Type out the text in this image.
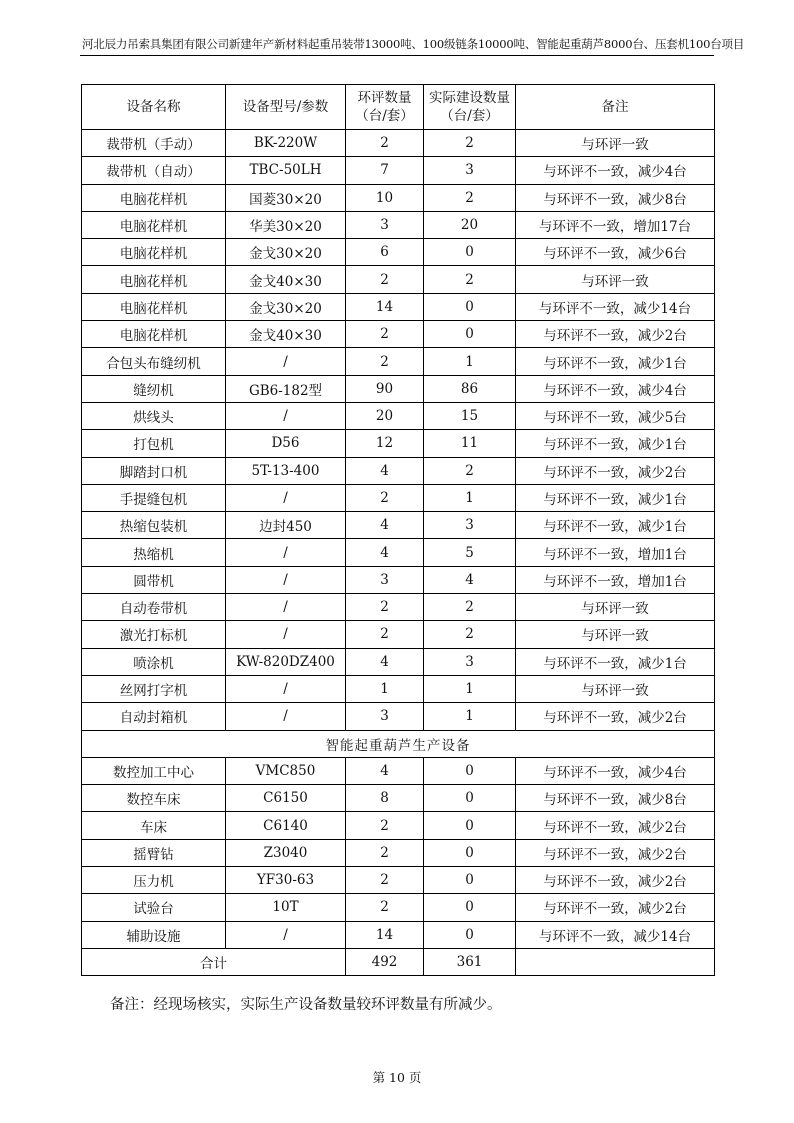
河北辰力吊索具集团有限公司新建年产新材料起重吊装带13000吨、100级链条10000吨、智能起重葫芦8000台、压套机100台项目
设备名称	设备型号/参数	环评数量（台/套）	实际建设数量（台/套）	备注
裁带机（手动）	BK-220W	2	2	与环评一致
裁带机（自动）	TBC-50LH	7	3	与环评不一致，减少4台
电脑花样机	国菱30×20	10	2	与环评不一致，减少8台
电脑花样机	华美30×20	3	20	与环评不一致，增加17台
电脑花样机	金戈30×20	6	0	与环评不一致，减少6台
电脑花样机	金戈40×30	2	2	与环评一致
电脑花样机	金戈30×20	14	0	与环评不一致，减少14台
电脑花样机	金戈40×30	2	0	与环评不一致，减少2台
合包头布缝纫机	/	2	1	与环评不一致，减少1台
缝纫机	GB6-182型	90	86	与环评不一致，减少4台
烘线头	/	20	15	与环评不一致，减少5台
打包机	D56	12	11	与环评不一致，减少1台
脚踏封口机	5T-13-400	4	2	与环评不一致，减少2台
手提缝包机	/	2	1	与环评不一致，减少1台
热缩包装机	边封450	4	3	与环评不一致，减少1台
热缩机	/	4	5	与环评不一致，增加1台
圆带机	/	3	4	与环评不一致，增加1台
自动卷带机	/	2	2	与环评一致
激光打标机	/	2	2	与环评一致
喷涂机	KW-820DZ400	4	3	与环评不一致，减少1台
丝网打字机	/	1	1	与环评一致
自动封箱机	/	3	1	与环评不一致，减少2台
智能起重葫芦生产设备				
数控加工中心	VMC850	4	0	与环评不一致，减少4台
数控车床	C6150	8	0	与环评不一致，减少8台
车床	C6140	2	0	与环评不一致，减少2台
摇臂钻	Z3040	2	0	与环评不一致，减少2台
压力机	YF30-63	2	0	与环评不一致，减少2台
试验台	10T	2	0	与环评不一致，减少2台
辅助设施	/	14	0	与环评不一致，减少14台
合计		492	361	
备注：经现场核实，实际生产设备数量较环评数量有所减少。
第 10 页
